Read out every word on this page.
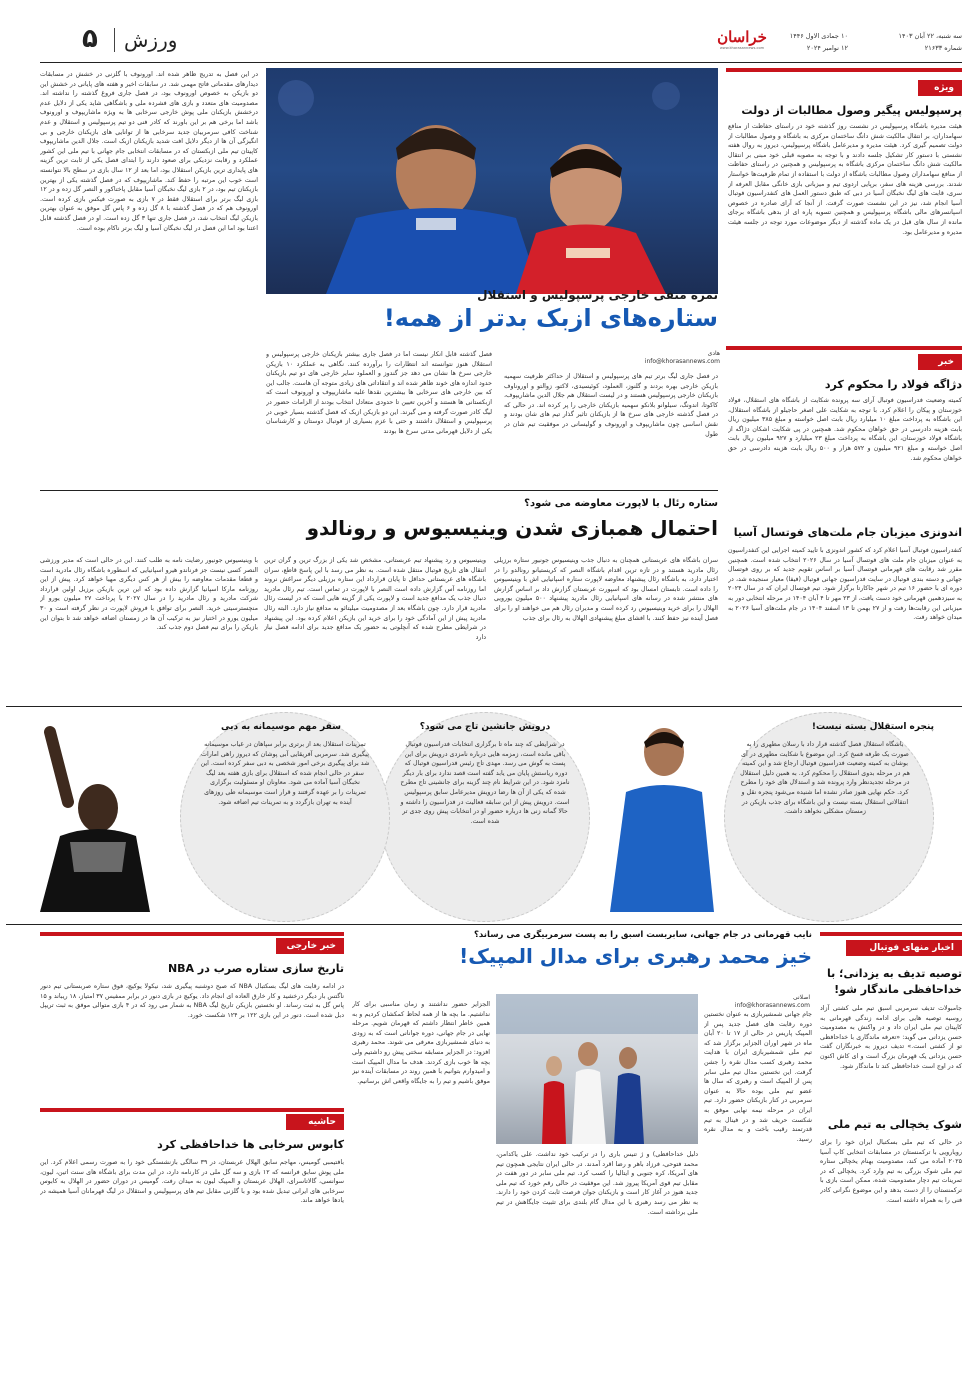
۵ ورزش	خراسان
www.khorasannews.com
۱۰ جمادی الاول ۱۴۴۶
۱۲ نوامبر ۲۰۲۴
سه شنبه، ۲۲ آبان ۱۴۰۳
شماره ۲۱۶۳۳
ویژه
پرسپولیس پیگیر وصول مطالبات از دولت
هیئت مدیره باشگاه پرسپولیس در نشست روز گذشته خود در راستای حفاظت از منافع سهامداران، بر انتقال مالکیت شش دانگ ساختمان مرکزی به باشگاه و وصول مطالبات از دولت تصمیم گیری کرد. هیئت مدیره و مدیرعامل باشگاه پرسپولیس، دیروز به روال هفته نشستی با دستور کار تشکیل جلسه دادند و با توجه به مصوبه قبلی خود مبنی بر انتقال مالکیت شش دانگ ساختمان مرکزی باشگاه به پرسپولیس و همچنین در راستای حفاظت از منافع سهامداران وصول مطالبات باشگاه از دولت با استفاده از تمام ظرفیت‌ها خواستار شدند. بررسی هزینه های سفر، برپایی اردوی تیم و میزبانی بازی خانگی مقابل العرفه از سری، قابت های لیگ نخبگان آسیا در دبی که طبق دستور العمل های کنفدراسیون فوتبال آسیا انجام شد، نیز در این نشست صورت گرفت. از آنجا که آرای صادره در خصوص اسپانسرهای مالی باشگاه پرسپولیس و همچنین تسویه پاره ای از بدهی باشگاه برجای مانده از سال های قبل در یک ماده گذشته از دیگر موضوعات مورد توجه در جلسه هیئت مدیره و مدیرعامل بود.
خبر
دژاگه فولاد را محکوم کرد
کمیته وضعیت فدراسیون فوتبال آرای سه پرونده شکایت از باشگاه های استقلال، فولاد خوزستان و پیکان را اعلام کرد. با توجه به شکایت علی اصغر حاجیلو از باشگاه استقلال، این باشگاه به پرداخت مبلغ ۱۰ میلیارد ریال بابت اصل خواسته و مبلغ ۳۸۵ میلیون ریال بابت هزینه دادرسی در حق خواهان محکوم شد. همچنین در پی شکایت اشکان دژاگه از باشگاه فولاد خوزستان، این باشگاه به پرداخت مبلغ ۲۳ میلیارد و ۹۲۷ میلیون ریال بابت اصل خواسته و مبلغ ۹۲۱ میلیون و ۵۷۲ هزار و ۵۰۰ ریال بابت هزینه دادرسی در حق خواهان محکوم شد.
اندونزی میزبان جام ملت‌های فوتسال آسیا
کنفدراسیون فوتبال آسیا اعلام کرد که کشور اندونزی با تایید کمیته اجرایی این کنفدراسیون به عنوان میزبان جام ملت های فوتسال آسیا در سال ۲۰۲۶ انتخاب شده است. همچنین مقرر شد رقابت های قهرمانی فوتسال آسیا بر اساس تقویم جدید که بر روی فوتسال جهانی و دسته بندی فوتبال در سایت فدراسیون جهانی فوتبال (فیفا) معیار سنجیده شد، در دوره ای با حضور ۱۶ تیم در شهر جاکارتا برگزار شود. تیم فوتسال ایران که در سال ۲۰۲۴ به سیزدهمین قهرمانی خود دست یافت، از ۲۳ مهر تا ۴ آبان ۱۴۰۴ در مرحله انتخابی دور به میزبانی این رقابت‌ها رفت و از ۲۷ بهمن تا ۱۳ اسفند ۱۴۰۴ در جام ملت‌های آسیا ۲۰۲۶ به میدان خواهد رفت.
نمره منفی خارجی پرسپولیس و استقلال
ستاره‌های ازبک بدتر از همه!
هادی
info@khorasannews.com
در فصل جاری لیگ برتر تیم های پرسپولیس و استقلال از حداکثر ظرفیت سهمیه بازیکن خارجی بهره بردند و گلنوز، العملود، کوئیسیدی، لاکتو، زوالتو و اوروناوف بازیکنان خارجی پرسپولیس هستند و در لیست استقلال هم جلال الدین ماشاریپوف، کاکوتا، اندونگ، سیلوانو بلانکو سهمیه بازیکنان خارجی را پر کرده اند. در حالی که در فصل گذشته خارجی های سرخ ها از بازیکنان تاثیر گذار تیم های شان بودند و نقش اساسی چون ماشاریپوف و اورونوف و گولیسانی در موفقیت تیم شان در طول
فصل گذشته قابل انکار نیست اما در فصل جاری بیشتر بازیکنان خارجی پرسپولیس و استقلال هنوز نتوانسته اند انتظارات را برآورده کنند. نگاهی به عملکرد ۱۰ بازیکن خارجی سرخ ها نشان می دهد جز گندوز و العملود سایر خارجی های دو تیم بازیکنان حدود اندازه های خوند ظاهر شده اند و انتقاداتی های زیادی متوجه آن هاست. جالب این که بین خارجی های سرخابی ها بیشترین نقدها علیه ماشاریپوف و اورونوف است که ازبکستانی ها هستند و آخرین تعیین تا حدودی متعادل انتخاب بودند از الزامات حضور در لیگ کادر صورت گرفته و می گیرند. این دو بازیکن ازبک که فصل گذشته بسیار خوبی در پرسپولیس و استقلال داشتند و حتی با عزم بسیاری از فوتبال دوستان و کارشناسان یکی از دلایل قهرمانی مدتی سرخ ها بودند
در این فصل به تدریج ظاهر شده اند. اورونوف با گلزنی در خشش در مسابقات دیدارهای مقدماتی فاتح مهمی شد. در سابقات اخیر و هفته های پایانی در خشش این دو بازیکن به خصوص اورونوف بود، در فصل جاری فروغ گذشته را نداشته اند. مصدومیت های متعدد و بازی های فشرده ملی و باشگاهی شاید یکی از دلایل عدم درخشش بازیکنان ملی پوش خارجی سرخابی ها به ویژه ماشاریپوف و اورونوف باشد اما برخی هم بر این باورند که کادر فنی دو تیم پرسپولیس و استقلال و عدم شناخت کافی سرمربیان جدید سرخابی ها از توانایی های بازیکنان خارجی و بی انگیزگی آن ها از دیگر دلایل افت شدید بازیکنان ازبک است. جلال الدین ماشاریپوف کاپیتان تیم ملی ازبکستان که در مسابقات انتخابی جام جهانی با تیم ملی این کشور عملکرد و رقابت نزدیکی برای صعود دارند را ابتدای فصل یکی از ثابت ترین گزینه های پایداری ترین بازیکن استقلال بود، اما بعد از ۱۲ سال بازی در سطح بالا نتوانسته است خوب این مرتبه را حفظ کند. ماشاریپوف که در فصل گذشته یکی از بهترین بازیکنان تیم بود، در ۲ بازی لیگ نخبگان آسیا مقابل پاختاکور و النصر گل زده و در ۱۲ بازی لیگ برتر برای استقلال فقط در ۷ بازی به صورت فیکس بازی کرده است. اورونوف هم که در فصل گذشته با ۸ گل زده و ۶ پاس گل موفق به عنوان بهترین بازیکن لیگ انتخاب شد، در فصل جاری تنها ۳ گل زده است. او در فصل گذشته قابل اعتنا بود اما این فصل در لیگ نخبگان آسیا و لیگ برتر ناکام بوده است.
ستاره رئال با لاپورت معاوضه می شود؟
احتمال همبازی شدن وینیسیوس و رونالدو
سران باشگاه های عربستانی همچنان به دنبال جذب وینیسیوس جونیور ستاره برزیلی رئال مادرید هستند و در تازه ترین اقدام باشگاه النصر که کریستیانو رونالدو را در اختیار دارد، به باشگاه رئال پیشنهاد معاوضه لاپورت ستاره اسپانیایی اش با وینیسیوس را داده است. تابستان امسال بود که اسپورت عربستان گزارش داد بر اساس گزارش های منتشر شده در رسانه های اسپانیایی رئال مادرید پیشنهاد ۵۰۰ میلیون یورویی الهلال را برای خرید وینیسیوس رد کرده است و مدیران رئال هم می خواهند او را برای فصل آینده نیز حفظ کنند. با افشای مبلغ پیشنهادی الهلال به رئال برای جذب
وینیسیوس و رد پیشنهاد تیم عربستانی، مشخص شد یکی از بزرگ ترین و گران ترین انتقال های تاریخ فوتبال منتقل شده است. به نظر می رسد با این پاسخ قاطع، سران باشگاه های عربستانی حداقل تا پایان قرارداد این ستاره برزیلی دیگر سراغش نروند اما روزنامه آس گزارش داده است النصر با لاپورت در تماس است. تیم رئال مادرید دنبال جذب یک مدافع جدید است و لاپورت یکی از گزینه هایی است که در لیست رئال مادرید قرار دارد. چون باشگاه بعد از مصدومیت میلیتائو به مدافع نیاز دارد. البته رئال مادرید پیش از این آمادگی خود را برای خرید این بازیکن اعلام کرده بود. این پیشنهاد در شرایطی مطرح شده که آنچلوتی به حضور یک مدافع جدید برای ادامه فصل نیاز دارد
با وینیسیوس جونیور رضایت نامه به طلب کنند. این در حالی است که مدیر ورزشی النصر کسی نیست جز فرناندو هیرو اسپانیایی که اسطوره باشگاه رئال مادرید است و قطعا مقدمات معاوضه را بیش از هر کس دیگری مهیا خواهد کرد. پیش از این روزنامه مارکا اسپانیا گزارش داده بود که این ترین بازیکن برزیل اولین قرارداد شرکت مادرید و رئال مادرید را در سال ۲۰۲۷ با پرداخت ۲۷ میلیون یورو از منچسترسیتی خرید. النصر برای توافق با فروش لاپورت در نظر گرفته است و ۳۰ میلیون یورو در اختیار نیز به ترکیب آن ها در زمستان اضافه خواهد شد تا بتوان این بازیکن را برای نیم فصل دوم جذب کند.
پنجره استقلال بسته نیست!
باشگاه استقلال فصل گذشته قرار داد با رسلان مطهری را به صورت یک طرفه فسخ کرد. این موضوع با شکایت مطهری در آی‌ بوشان به کمیته وضعیت فدراسیون فوتبال ارجاع شد و این کمیته هم در مرحله بدوی استقلال را محکوم کرد. به همین دلیل استقلال در مرحله تجدیدنظر وارد پرونده شد و استدلال های خود را مطرح کرد. حکم نهایی هنوز صادر نشده اما شنیده می‌شود پنجره نقل و انتقالاتی استقلال بسته نیست و این باشگاه برای جذب بازیکن در زمستان مشکلی نخواهد داشت.
درویش جانشین تاج می شود؟
در شرایطی که چند ماه تا برگزاری انتخابات فدراسیون فوتبال باقی مانده است، زمزمه هایی درباره نامزدی درویش برای این پست به گوش می رسد. مهدی تاج رئیس فدراسیون فوتبال که دوره ریاستش پایان می یابد گفته است قصد ندارد برای بار دیگر نامزد شود. در این شرایط نام چند گزینه برای جانشینی تاج مطرح شده که یکی از آن ها رضا درویش مدیرعامل سابق پرسپولیس است. درویش پیش از این سابقه فعالیت در فدراسیون را داشته و حالا گمانه زنی ها درباره حضور او در انتخابات پیش روی جدی تر شده است.
سفر مهم موسیمانه به دبی
تمرینات استقلال بعد از برتری برابر سپاهان در غیاب موسیمانه پیگیری شد. سرمربی آفریقایی آبی پوشان که دیروز راهی امارات شد برای پیگیری برخی امور شخصی به دبی سفر کرده است. این سفر در حالی انجام شده که استقلال برای بازی هفته بعد لیگ نخبگان آسیا آماده می شود. معاونان او مسئولیت برگزاری تمرینات را بر عهده گرفتند و قرار است موسیمانه طی روزهای آینده به تهران بازگردد و به تمرینات تیم اضافه شود.
اخبار منهای فوتبال
توصیه تدیف به یزدانی؛ با خداحافظی ماندگار شو!
جامبولات تدیف سرمربی اسبق تیم ملی کشتی آزاد روسیه توصیه هایی برای ادامه زندگی قهرمانی به کاپیتان تیم ملی ایران داد و در واکنش به مصدومیت حسن یزدانی می گوید: «تعرفه ماندگاری با خداحافظی تو از کشتی است.» تدیف دیروز به خبرنگاران گفت حسن یزدانی یک قهرمان بزرگ است و ای کاش اکنون که در اوج است خداحافظی کند تا ماندگار شود.
شوک یخچالی به تیم ملی
در حالی که تیم ملی بسکتبال ایران خود را برای رویارویی با ترکمنستان در مسابقات انتخابی کاپ آسیا ۲۰۲۵ آماده می کند، مصدومیت بهنام یخچالی ستاره تیم ملی شوک بزرگی به تیم وارد کرد. یخچالی که در تمرینات تیم دچار مصدومیت شده، ممکن است بازی با ترکمنستان را از دست بدهد و این موضوع نگرانی کادر فنی را به همراه داشته است.
نایب قهرمانی در جام جهانی، سابربست اسبق را به پست سرمربیگری می رساند؟
خیز محمد رهبری برای مدال المپیک!
اصلانی
info@khorasannews.com
جام جهانی شمشیربازی به عنوان نخستین دوره رقابت های فصل جدید پس از المپیک پاریس در حالی از ۱۷ تا ۲۰ آبان ماه در شهر اوران الجزایر برگزار شد که تیم ملی شمشیربازی ایران با هدایت محمد رهبری کسب مدال نقره را جشن گرفت. این نخستین مدال تیم ملی سابر پس از المپیک است و رهبری که سال ها عضو تیم ملی بوده حالا به عنوان سرمربی در کنار بازیکنان حضور دارد. تیم ایران در مرحله نیمه نهایی موفق به شکست حریف شد و در فینال به تیم قدرتمند رقیب باخت و به مدال نقره رسید.
دلیل خداحافظی) و ژ تنیس باری را در ترکیب خود نداشت. علی یاکدامن، محمد فتوحی، فرزاد باهر و رضا اقرد آمدند. در حالی ایران نتایجی همچون تیم های آمریکا، کره جنوبی و ایتالیا را کسب کرد. تیم ملی سابر در دور هفت در مقابل تیم قوی آمریکا پیروز شد. این موفقیت در حالی رقم خورد که تیم ملی جدید هنوز در آغاز کار است و بازیکنان جوان فرصت ثابت کردن خود را دارند. به نظر می رسد رهبری با این مدال گام بلندی برای تثبیت جایگاهش در تیم ملی برداشته است.
الجزایر حضور نداشتند و زمان مناسبی برای کار نداشتیم. ما بچه ها از همه لحاظ کمکشان کردیم و به همین خاطر انتظار داشتم که قهرمان شویم. مرحله نهایی در جام جهانی، دوره جوانانی است که به زودی به دنیای شمشیربازی معرفی می شوند. محمد رهبری افزود: در الجزایر مسابقه سختی پیش رو داشتیم ولی بچه ها خوب بازی کردند. هدف ما مدال المپیک است و امیدوارم بتوانیم با همین روند در مسابقات آینده نیز موفق باشیم و تیم را به جایگاه واقعی اش برسانیم.
خبر خارجی
تاریخ سازی ستاره صرب در NBA
در ادامه رقابت های لیگ بسکتبال NBA که صبح دوشنبه پیگیری شد، نیکولا یوکیچ، فوق ستاره صربستانی تیم دنور ناگتس بار دیگر درخشید و کار خارق العاده ای انجام داد. یوکیچ در بازی دنور در برابر ممفیس ۳۷ امتیاز، ۱۸ ریباند و ۱۵ پاس گل به ثبت رساند. او نخستین بازیکن تاریخ لیگ NBA به شمار می رود که در ۴ بازی متوالی موفق به ثبت تریپل دبل شده است. دنور در این بازی ۱۲۲ بر ۱۲۴ شکست خورد.
حاشیه
کابوس سرخابی ها خداحافظی کرد
بافتیمبی گومیس، مهاجم سابق الهلال عربستان، در ۳۹ سالگی بازنشستگی خود را به صورت رسمی اعلام کرد. این ملی پوش سابق فرانسه که ۱۲ بازی و سه گل ملی در کارنامه دارد، در این مدت برای باشگاه های سنت اتین، لیون، سوانسی، گالاتاسرای، الهلال عربستان و المپیک لیون به میدان رفت. گومیس در دوران حضور در الهلال به کابوس سرخابی های ایرانی تبدیل شده بود و با گلزنی مقابل تیم های پرسپولیس و استقلال در لیگ قهرمانان آسیا همیشه در یادها خواهد ماند.
